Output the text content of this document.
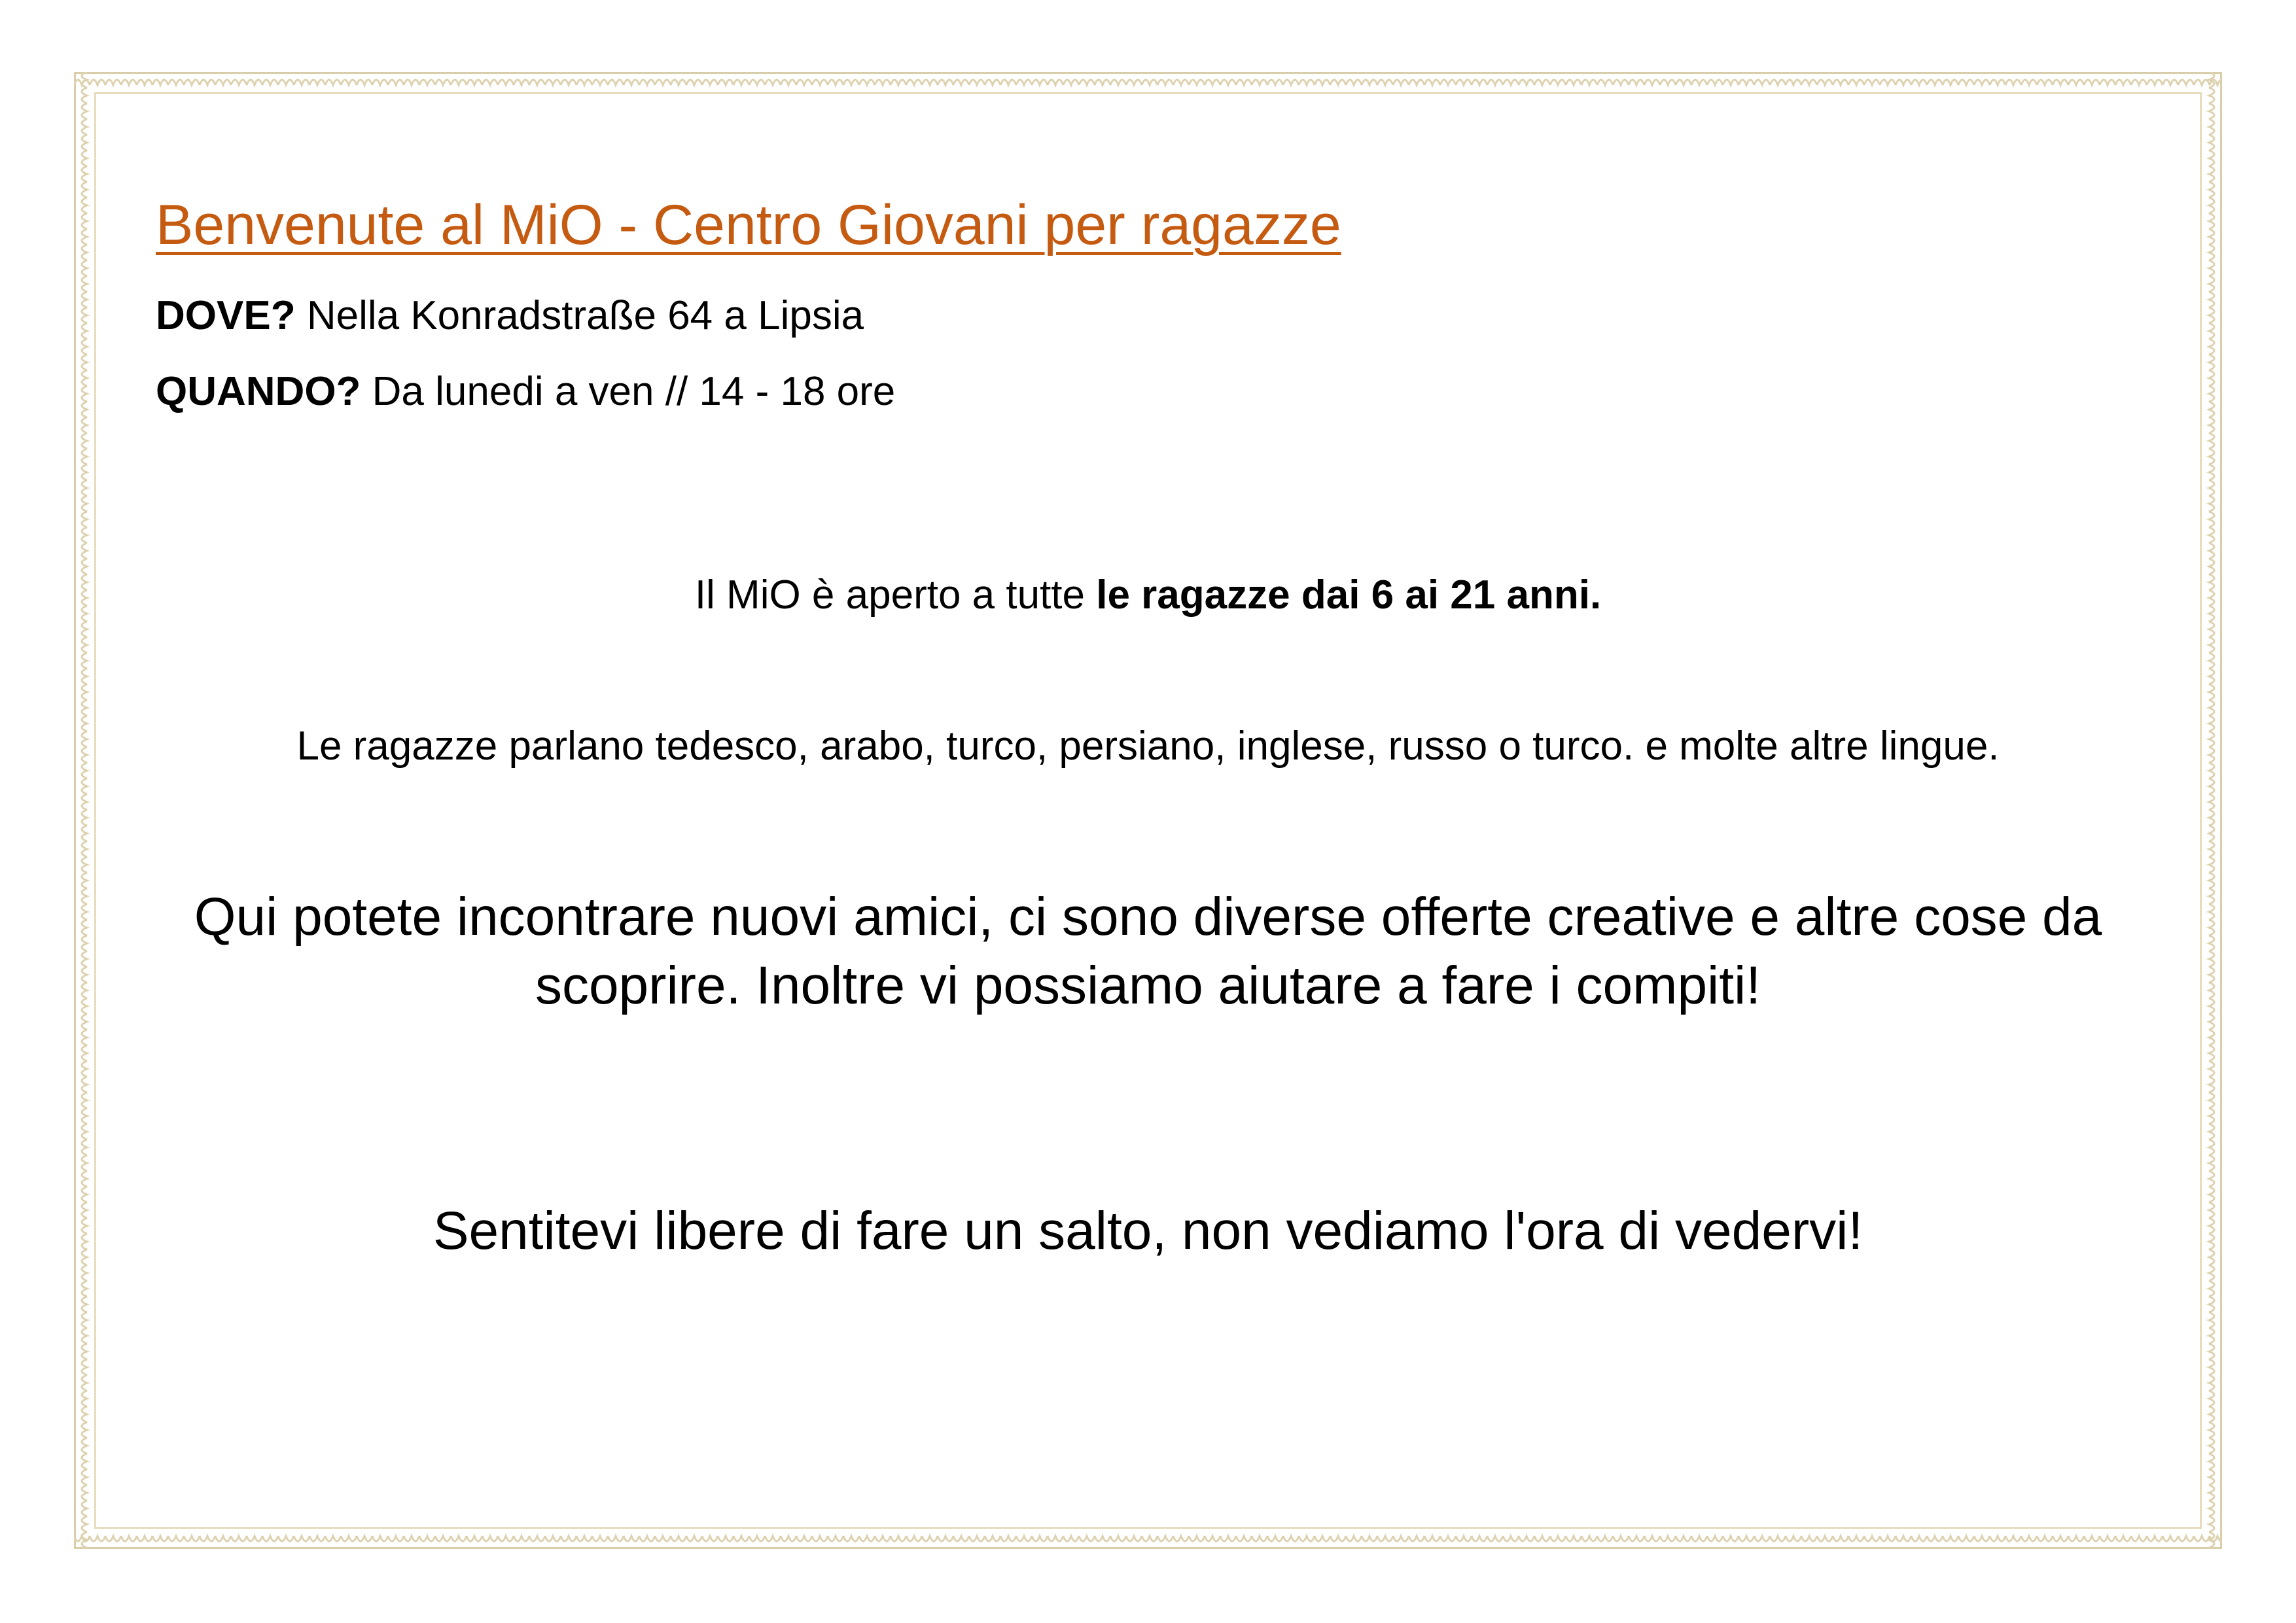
Benvenute al MiO - Centro Giovani per ragazze

DOVE? Nella Konradstraße 64 a Lipsia

QUANDO? Da lunedi a ven // 14 - 18 ore

Il MiO è aperto a tutte le ragazze dai 6 ai 21 anni.

Le ragazze parlano tedesco, arabo, turco, persiano, inglese, russo o turco. e molte altre lingue.

Qui potete incontrare nuovi amici, ci sono diverse offerte creative e altre cose da

scoprire. Inoltre vi possiamo aiutare a fare i compiti!

Sentitevi libere di fare un salto, non vediamo l'ora di vedervi!
